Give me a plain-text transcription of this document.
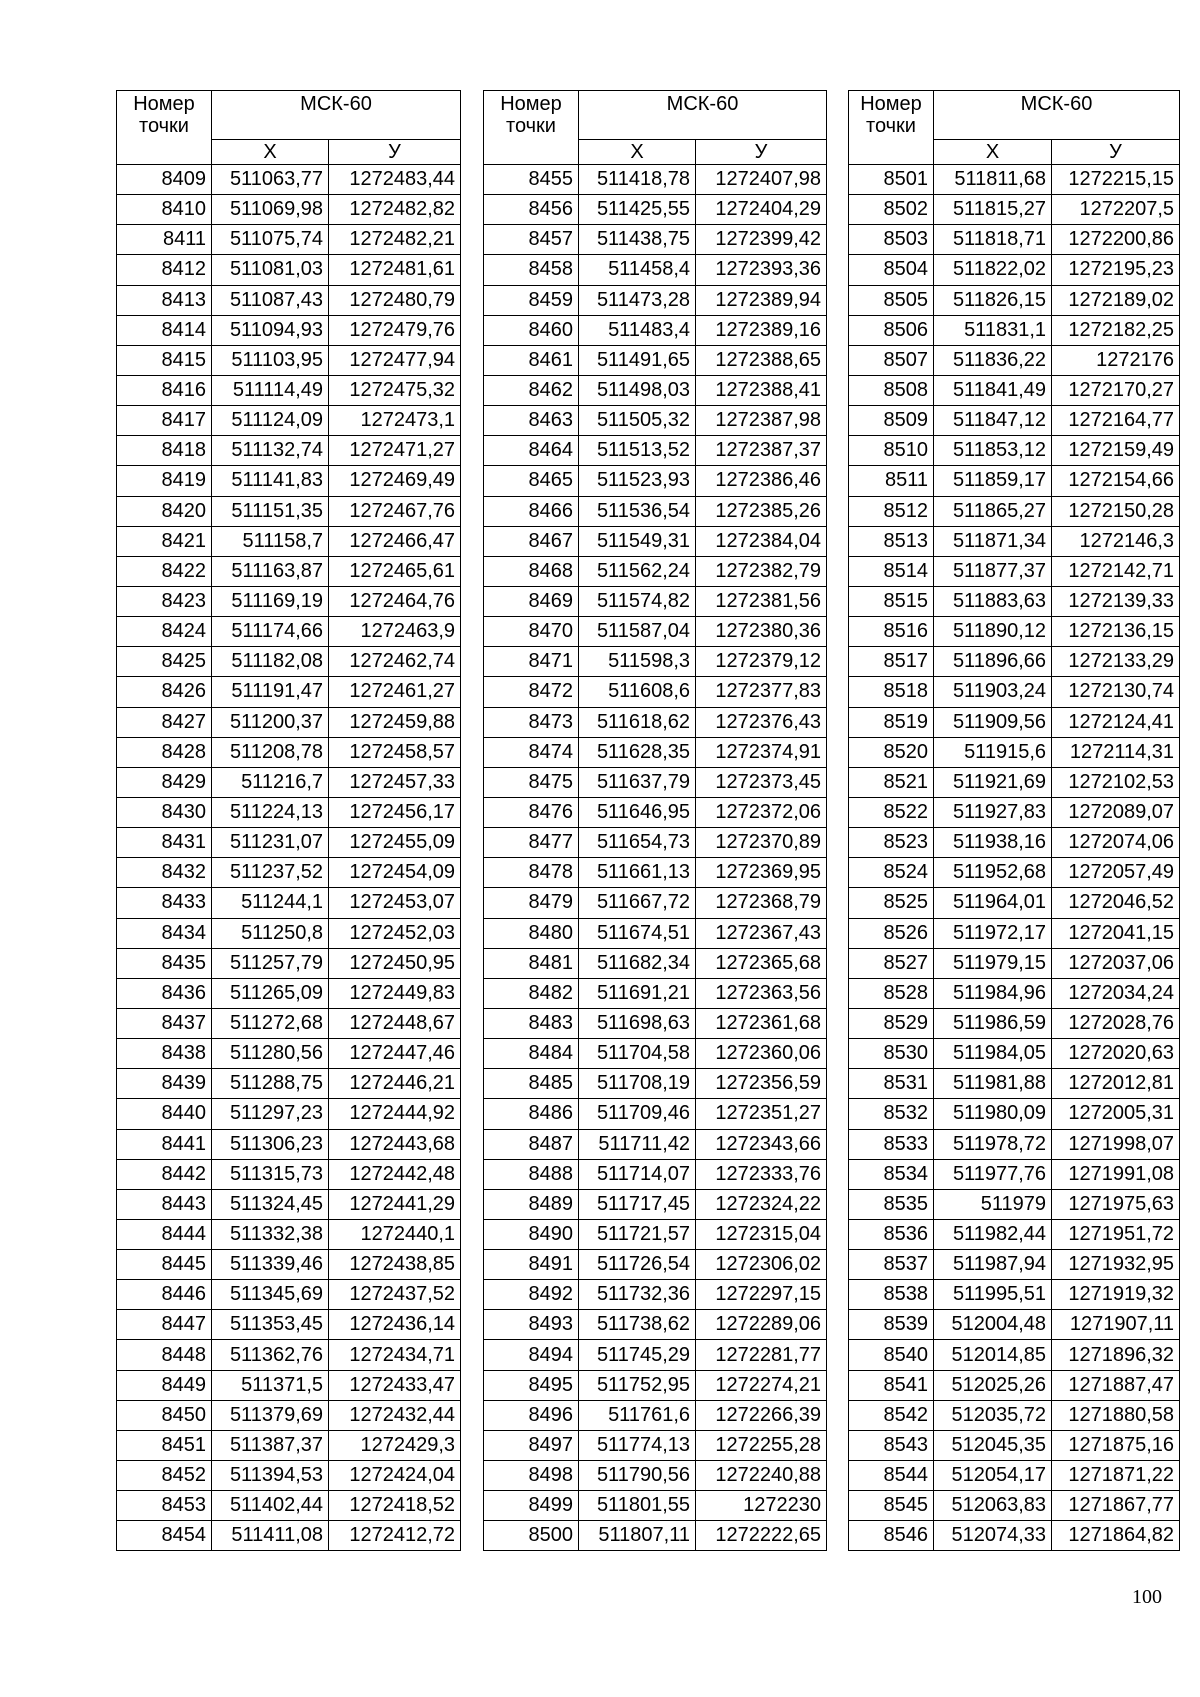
Номер точки	МСК-60	
	Х	У
8409	511063,77	1272483,44
8410	511069,98	1272482,82
8411	511075,74	1272482,21
8412	511081,03	1272481,61
8413	511087,43	1272480,79
8414	511094,93	1272479,76
8415	511103,95	1272477,94
8416	511114,49	1272475,32
8417	511124,09	1272473,1
8418	511132,74	1272471,27
8419	511141,83	1272469,49
8420	511151,35	1272467,76
8421	511158,7	1272466,47
8422	511163,87	1272465,61
8423	511169,19	1272464,76
8424	511174,66	1272463,9
8425	511182,08	1272462,74
8426	511191,47	1272461,27
8427	511200,37	1272459,88
8428	511208,78	1272458,57
8429	511216,7	1272457,33
8430	511224,13	1272456,17
8431	511231,07	1272455,09
8432	511237,52	1272454,09
8433	511244,1	1272453,07
8434	511250,8	1272452,03
8435	511257,79	1272450,95
8436	511265,09	1272449,83
8437	511272,68	1272448,67
8438	511280,56	1272447,46
8439	511288,75	1272446,21
8440	511297,23	1272444,92
8441	511306,23	1272443,68
8442	511315,73	1272442,48
8443	511324,45	1272441,29
8444	511332,38	1272440,1
8445	511339,46	1272438,85
8446	511345,69	1272437,52
8447	511353,45	1272436,14
8448	511362,76	1272434,71
8449	511371,5	1272433,47
8450	511379,69	1272432,44
8451	511387,37	1272429,3
8452	511394,53	1272424,04
8453	511402,44	1272418,52
8454	511411,08	1272412,72
Номер точки	МСК-60	
	Х	У
8455	511418,78	1272407,98
8456	511425,55	1272404,29
8457	511438,75	1272399,42
8458	511458,4	1272393,36
8459	511473,28	1272389,94
8460	511483,4	1272389,16
8461	511491,65	1272388,65
8462	511498,03	1272388,41
8463	511505,32	1272387,98
8464	511513,52	1272387,37
8465	511523,93	1272386,46
8466	511536,54	1272385,26
8467	511549,31	1272384,04
8468	511562,24	1272382,79
8469	511574,82	1272381,56
8470	511587,04	1272380,36
8471	511598,3	1272379,12
8472	511608,6	1272377,83
8473	511618,62	1272376,43
8474	511628,35	1272374,91
8475	511637,79	1272373,45
8476	511646,95	1272372,06
8477	511654,73	1272370,89
8478	511661,13	1272369,95
8479	511667,72	1272368,79
8480	511674,51	1272367,43
8481	511682,34	1272365,68
8482	511691,21	1272363,56
8483	511698,63	1272361,68
8484	511704,58	1272360,06
8485	511708,19	1272356,59
8486	511709,46	1272351,27
8487	511711,42	1272343,66
8488	511714,07	1272333,76
8489	511717,45	1272324,22
8490	511721,57	1272315,04
8491	511726,54	1272306,02
8492	511732,36	1272297,15
8493	511738,62	1272289,06
8494	511745,29	1272281,77
8495	511752,95	1272274,21
8496	511761,6	1272266,39
8497	511774,13	1272255,28
8498	511790,56	1272240,88
8499	511801,55	1272230
8500	511807,11	1272222,65
Номер точки	МСК-60	
	Х	У
8501	511811,68	1272215,15
8502	511815,27	1272207,5
8503	511818,71	1272200,86
8504	511822,02	1272195,23
8505	511826,15	1272189,02
8506	511831,1	1272182,25
8507	511836,22	1272176
8508	511841,49	1272170,27
8509	511847,12	1272164,77
8510	511853,12	1272159,49
8511	511859,17	1272154,66
8512	511865,27	1272150,28
8513	511871,34	1272146,3
8514	511877,37	1272142,71
8515	511883,63	1272139,33
8516	511890,12	1272136,15
8517	511896,66	1272133,29
8518	511903,24	1272130,74
8519	511909,56	1272124,41
8520	511915,6	1272114,31
8521	511921,69	1272102,53
8522	511927,83	1272089,07
8523	511938,16	1272074,06
8524	511952,68	1272057,49
8525	511964,01	1272046,52
8526	511972,17	1272041,15
8527	511979,15	1272037,06
8528	511984,96	1272034,24
8529	511986,59	1272028,76
8530	511984,05	1272020,63
8531	511981,88	1272012,81
8532	511980,09	1272005,31
8533	511978,72	1271998,07
8534	511977,76	1271991,08
8535	511979	1271975,63
8536	511982,44	1271951,72
8537	511987,94	1271932,95
8538	511995,51	1271919,32
8539	512004,48	1271907,11
8540	512014,85	1271896,32
8541	512025,26	1271887,47
8542	512035,72	1271880,58
8543	512045,35	1271875,16
8544	512054,17	1271871,22
8545	512063,83	1271867,77
8546	512074,33	1271864,82
100
